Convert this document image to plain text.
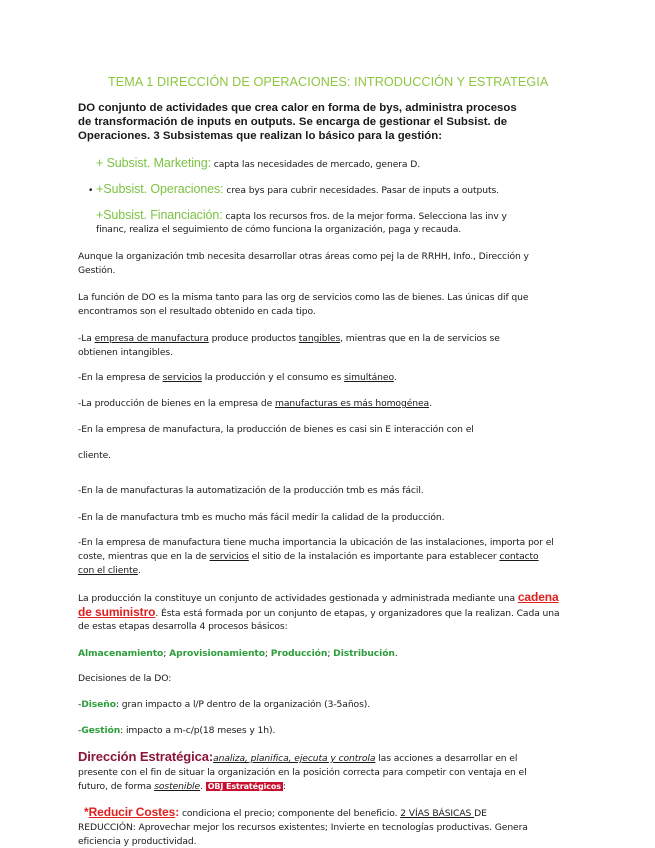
TEMA 1 DIRECCIÓN DE OPERACIONES: INTRODUCCIÓN Y ESTRATEGIA
DO conjunto de actividades que crea calor en forma de bys, administra procesos
de transformación de inputs en outputs. Se encarga de gestionar el Subsist. de
Operaciones. 3 Subsistemas que realizan lo básico para la gestión:
+ Subsist. Marketing: capta las necesidades de mercado, genera D.
• +Subsist. Operaciones: crea bys para cubrir necesidades. Pasar de inputs a outputs.
+Subsist. Financiación: capta los recursos fros. de la mejor forma. Selecciona las inv y
financ, realiza el seguimiento de cómo funciona la organización, paga y recauda.
Aunque la organización tmb necesita desarrollar otras áreas como pej la de RRHH, Info., Dirección y
Gestión.
La función de DO es la misma tanto para las org de servicios como las de bienes. Las únicas dif que
encontramos son el resultado obtenido en cada tipo.
-La empresa de manufactura produce productos tangibles, mientras que en la de servicios se
obtienen intangibles.
-En la empresa de servicios la producción y el consumo es simultáneo.
-La producción de bienes en la empresa de manufacturas es más homogénea.
-En la empresa de manufactura, la producción de bienes es casi sin E interacción con el
cliente.
-En la de manufacturas la automatización de la producción tmb es más fácil.
-En la de manufactura tmb es mucho más fácil medir la calidad de la producción.
-En la empresa de manufactura tiene mucha importancia la ubicación de las instalaciones, importa por el
coste, mientras que en la de servicios el sitio de la instalación es importante para establecer contacto
con el cliente.
La producción la constituye un conjunto de actividades gestionada y administrada mediante una cadena
de suministro. Ésta está formada por un conjunto de etapas, y organizadores que la realizan. Cada una
de estas etapas desarrolla 4 procesos básicos:
Almacenamiento; Aprovisionamiento; Producción; Distribución.
Decisiones de la DO:
-Diseño: gran impacto a l/P dentro de la organización (3-5años).
-Gestión: impacto a m-c/p(18 meses y 1h).
Dirección Estratégica:analiza, planifica, ejecuta y controla las acciones a desarrollar en el
presente con el fin de situar la organización en la posición correcta para competir con ventaja en el
futuro, de forma sostenible. OBJ Estratégicos :
*Reducir Costes: condiciona el precio; componente del beneficio. 2 VÍAS BÁSICAS DE
REDUCCIÓN: Aprovechar mejor los recursos existentes; Invierte en tecnologías productivas. Genera
eficiencia y productividad.
